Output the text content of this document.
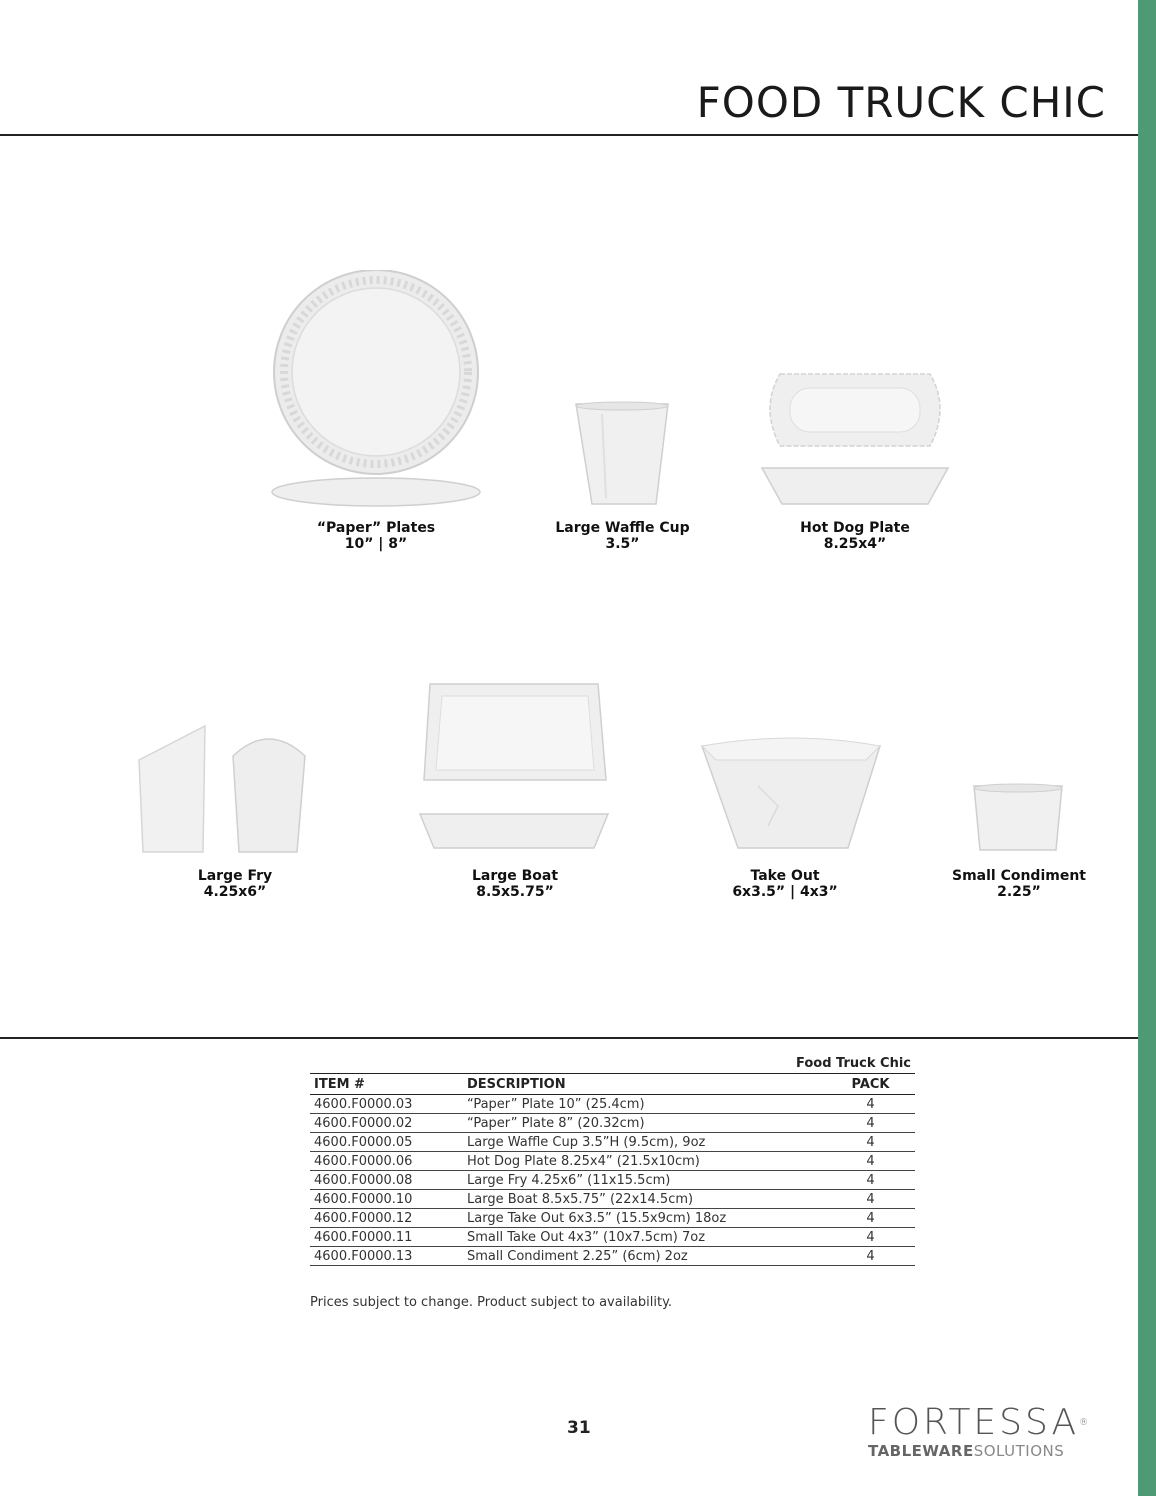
FOOD TRUCK CHIC
“Paper” Plates
10” | 8”
Large Waffle Cup
3.5”
Hot Dog Plate
8.25x4”
Large Fry
4.25x6”
Large Boat
8.5x5.75”
Take Out
6x3.5” | 4x3”
Small Condiment
2.25”
Food Truck Chic
ITEM #	DESCRIPTION	PACK
4600.F0000.03	“Paper” Plate 10” (25.4cm)	4
4600.F0000.02	“Paper” Plate 8” (20.32cm)	4
4600.F0000.05	Large Waffle Cup 3.5”H (9.5cm), 9oz	4
4600.F0000.06	Hot Dog Plate 8.25x4” (21.5x10cm)	4
4600.F0000.08	Large Fry 4.25x6” (11x15.5cm)	4
4600.F0000.10	Large Boat 8.5x5.75” (22x14.5cm)	4
4600.F0000.12	Large Take Out 6x3.5” (15.5x9cm) 18oz	4
4600.F0000.11	Small Take Out 4x3” (10x7.5cm) 7oz	4
4600.F0000.13	Small Condiment 2.25” (6cm) 2oz	4
Prices subject to change. Product subject to availability.
31	FORTESSA®
TABLEWARESOLUTIONS
